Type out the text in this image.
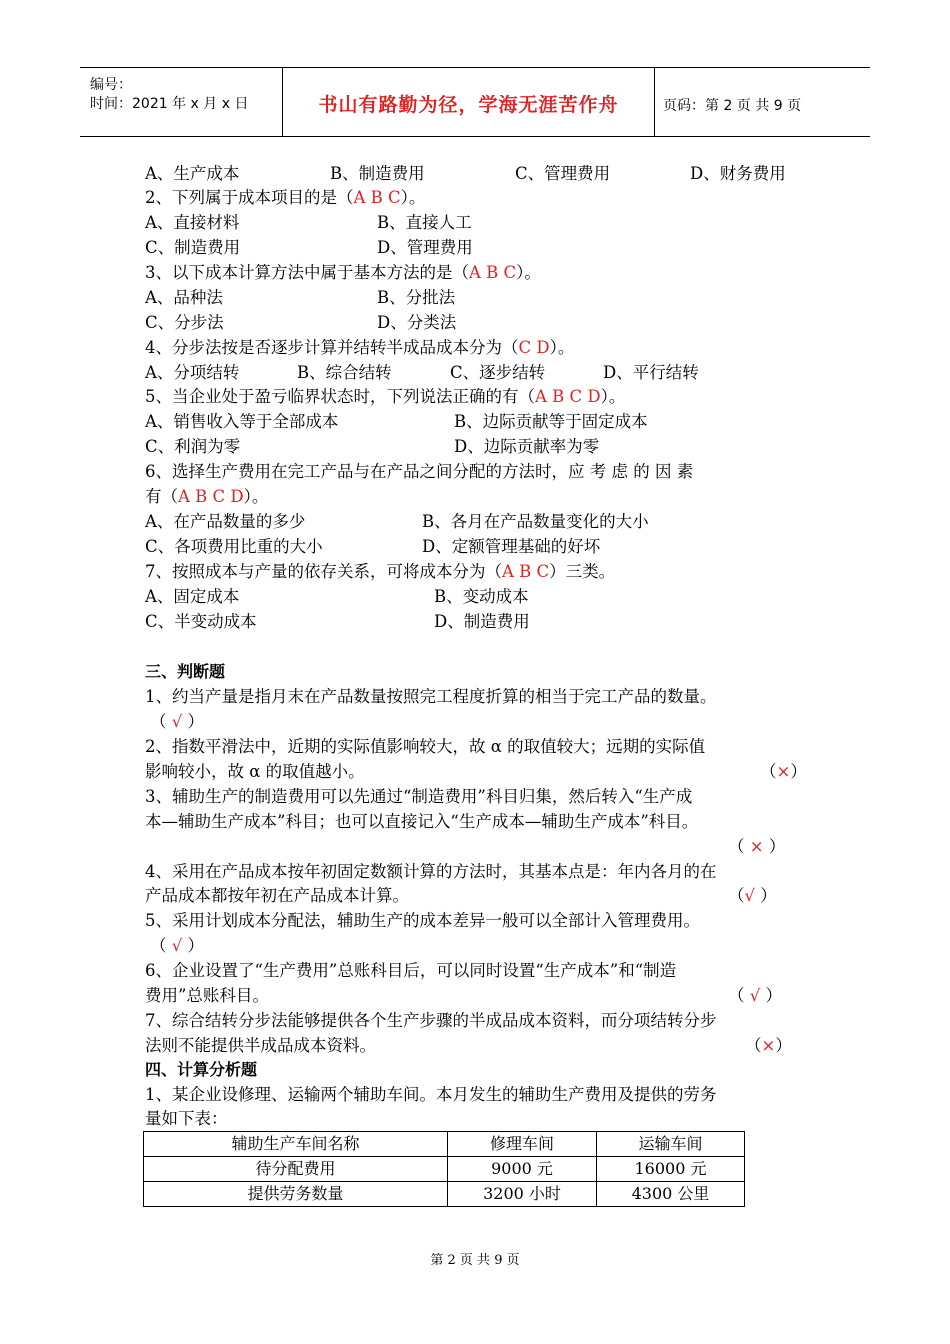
编号：
时间：2021 年 x 月 x 日	书山有路勤为径，学海无涯苦作舟	页码：第 2 页 共 9 页
A、生产成本	B、制造费用	C、管理费用	D、财务费用
2、下列属于成本项目的是（A B C）。
A、直接材料	B、直接人工
C、制造费用	D、管理费用
3、以下成本计算方法中属于基本方法的是（A B C）。
A、品种法	B、分批法
C、分步法	D、分类法
4、分步法按是否逐步计算并结转半成品成本分为（C D）。
A、分项结转	B、综合结转	C、逐步结转	D、平行结转
5、当企业处于盈亏临界状态时，下列说法正确的有（A B C D）。
A、销售收入等于全部成本	B、边际贡献等于固定成本
C、利润为零	D、边际贡献率为零
6、选择生产费用在完工产品与在产品之间分配的方法时，应 考 虑 的 因 素
有（A B C D）。
A、在产品数量的多少	B、各月在产品数量变化的大小
C、各项费用比重的大小	D、定额管理基础的好坏
7、按照成本与产量的依存关系，可将成本分为（A B C）三类。
A、固定成本	B、变动成本
C、半变动成本	D、制造费用
三、判断题
1、约当产量是指月末在产品数量按照完工程度折算的相当于完工产品的数量。
（ √ ）
2、指数平滑法中，近期的实际值影响较大，故 α 的取值较大；远期的实际值
影响较小，故 α 的取值越小。	（×）
3、辅助生产的制造费用可以先通过“制造费用”科目归集，然后转入“生产成
本—辅助生产成本”科目；也可以直接记入“生产成本—辅助生产成本”科目。
（ × ）
4、采用在产品成本按年初固定数额计算的方法时，其基本点是：年内各月的在
产品成本都按年初在产品成本计算。	（√ ）
5、采用计划成本分配法，辅助生产的成本差异一般可以全部计入管理费用。
（ √ ）
6、企业设置了“生产费用”总账科目后，可以同时设置“生产成本”和“制造
费用”总账科目。	（ √ ）
7、综合结转分步法能够提供各个生产步骤的半成品成本资料，而分项结转分步
法则不能提供半成品成本资料。	（×）
四、计算分析题
1、某企业设修理、运输两个辅助车间。本月发生的辅助生产费用及提供的劳务
量如下表：
辅助生产车间名称	修理车间	运输车间
待分配费用	9000 元	16000 元
提供劳务数量	3200 小时	4300 公里
第 2 页 共 9 页
